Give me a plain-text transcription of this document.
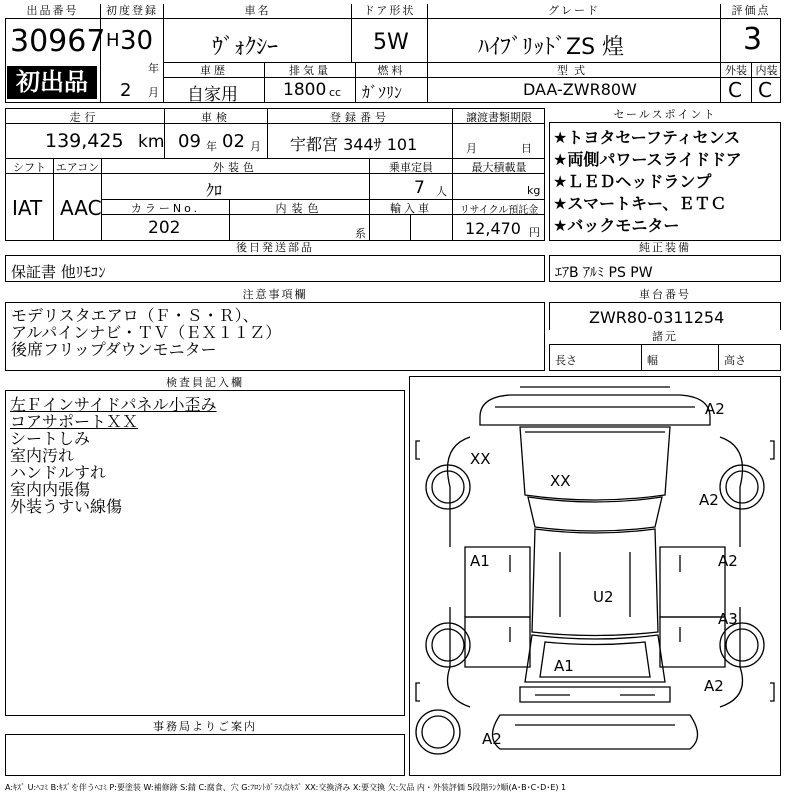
出品番号
30967
初出品
初度登録
H 30
年
2 月
車名
ｳﾞｫｸｼｰ
ドア形状
5W
グレード
ﾊｲﾌﾞﾘｯﾄﾞZS 煌
評価点
3
車歴
自家用
排気量
1800 cc
燃料
ｶﾞｿﾘﾝ
型式
DAA-ZWR80W
外装 内装
C C
走行
139,425 km
車検
09 年 02 月
登録番号
宇都宮 344ｻ 101
譲渡書類期限
月	日
シフト
IAT
エアコン
AAC
外装色
ｸﾛ
乗車定員
7 人
最大積載量
kg
カラーNo.
202
内装色
系
輸入車	リサイクル預託金
12,470 円
セールスポイント
★トヨタセーフティセンス
★両側パワースライドドア
★ＬＥＤヘッドランプ
★スマートキー、ＥＴＣ
★バックモニター
後日発送部品
保証書 他ﾘﾓｺﾝ
純正装備
ｴｱB ｱﾙﾐ PS PW
注意事項欄
モデリスタエアロ（Ｆ・Ｓ・Ｒ）、
アルパインナビ・ＴＶ（ＥＸ１１Ｚ）
後席フリップダウンモニター
車台番号
ZWR80-0311254
諸元
長さ	幅	高さ
検査員記入欄
左Ｆインサイドパネル小歪み
コアサポートＸＸ
シートしみ
室内汚れ
ハンドルすれ
室内内張傷
外装うすい線傷
事務局よりご案内
A2
XX
XX
A2
A1	A2
U2
A3
A1
A2
A2
A:ｷｽﾞ U:ﾍｺﾐ B:ｷｽﾞを伴うﾍｺﾐ P:要塗装 W:補修跡 S:錆 C:腐食、穴 G:ﾌﾛﾝﾄｶﾞﾗｽ点ｷｽﾞ XX:交換済み X:要交換 欠:欠品 内・外装評価 5段階ﾗﾝｸ順(A･B･C･D･E) 1
